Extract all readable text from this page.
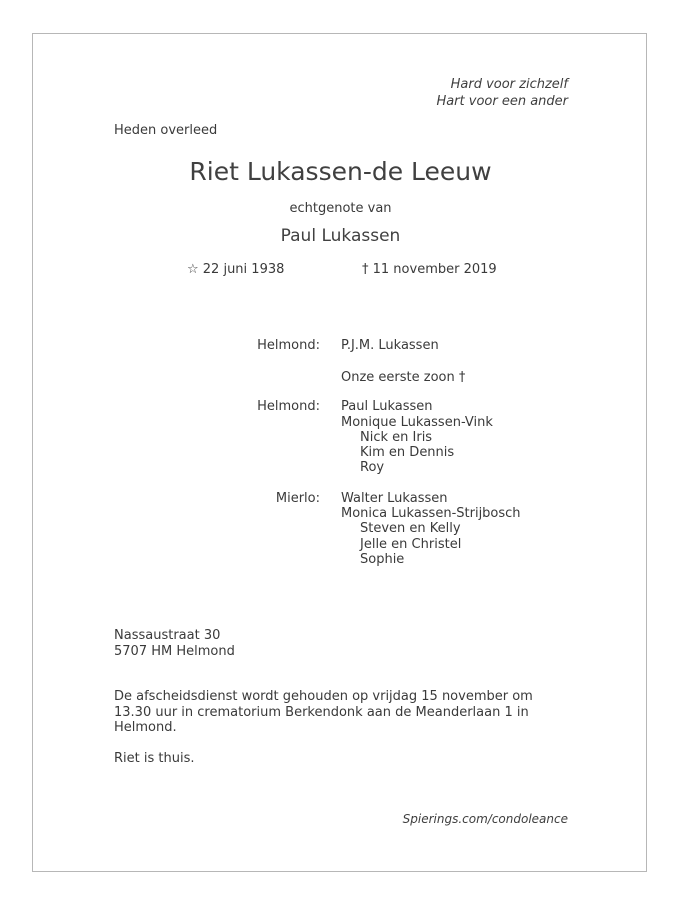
Hard voor zichzelf
Hart voor een ander
Heden overleed
Riet Lukassen-de Leeuw
echtgenote van
Paul Lukassen
☆ 22 juni 1938	† 11 november 2019
Helmond: P.J.M. Lukassen
Onze eerste zoon †
Helmond: Paul Lukassen
Monique Lukassen-Vink
Nick en Iris
Kim en Dennis
Roy
Mierlo: Walter Lukassen
Monica Lukassen-Strijbosch
Steven en Kelly
Jelle en Christel
Sophie
Nassaustraat 30
5707 HM Helmond
De afscheidsdienst wordt gehouden op vrijdag 15 november om 13.30 uur in crematorium Berkendonk aan de Meanderlaan 1 in Helmond.
Riet is thuis.
Spierings.com/condoleance
